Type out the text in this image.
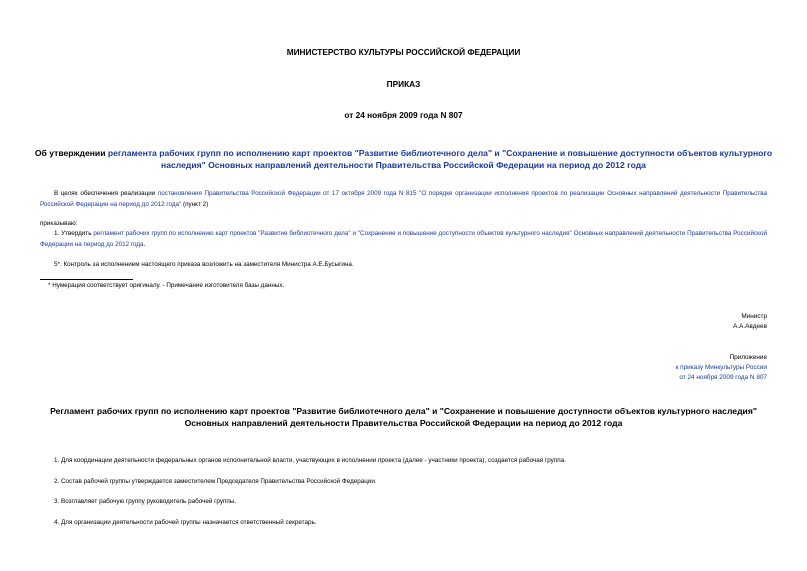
МИНИСТЕРСТВО КУЛЬТУРЫ РОССИЙСКОЙ ФЕДЕРАЦИИ
ПРИКАЗ
от 24 ноября 2009 года N 807
Об утверждении регламента рабочих групп по исполнению карт проектов "Развитие библиотечного дела" и "Сохранение и повышение доступности объектов культурного наследия" Основных направлений деятельности Правительства Российской Федерации на период до 2012 года
В целях обеспечения реализации постановления Правительства Российской Федерации от 17 октября 2009 года N 815 "О порядке организации исполнения проектов по реализации Основных направлений деятельности Правительства Российской Федерации на период до 2012 года" (пункт 2)
приказываю:
1. Утвердить регламент рабочих групп по исполнению карт проектов "Развитие библиотечного дела" и "Сохранение и повышение доступности объектов культурного наследия" Основных направлений деятельности Правительства Российской Федерации на период до 2012 года.
5*. Контроль за исполнением настоящего приказа возложить на заместителя Министра А.Е.Бусыгина.
* Нумерация соответствует оригиналу. - Примечание изготовителя базы данных.
Министр
А.А.Авдеев
Приложение
к приказу Минкультуры России
от 24 ноября 2009 года N 807
Регламент рабочих групп по исполнению карт проектов "Развитие библиотечного дела" и "Сохранение и повышение доступности объектов культурного наследия"
Основных направлений деятельности Правительства Российской Федерации на период до 2012 года
1. Для координации деятельности федеральных органов исполнительной власти, участвующих в исполнении проекта (далее - участники проекта), создается рабочая группа.
2. Состав рабочей группы утверждается заместителем Председателя Правительства Российской Федерации.
3. Возглавляет рабочую группу руководитель рабочей группы.
4. Для организации деятельности рабочей группы назначается ответственный секретарь.
